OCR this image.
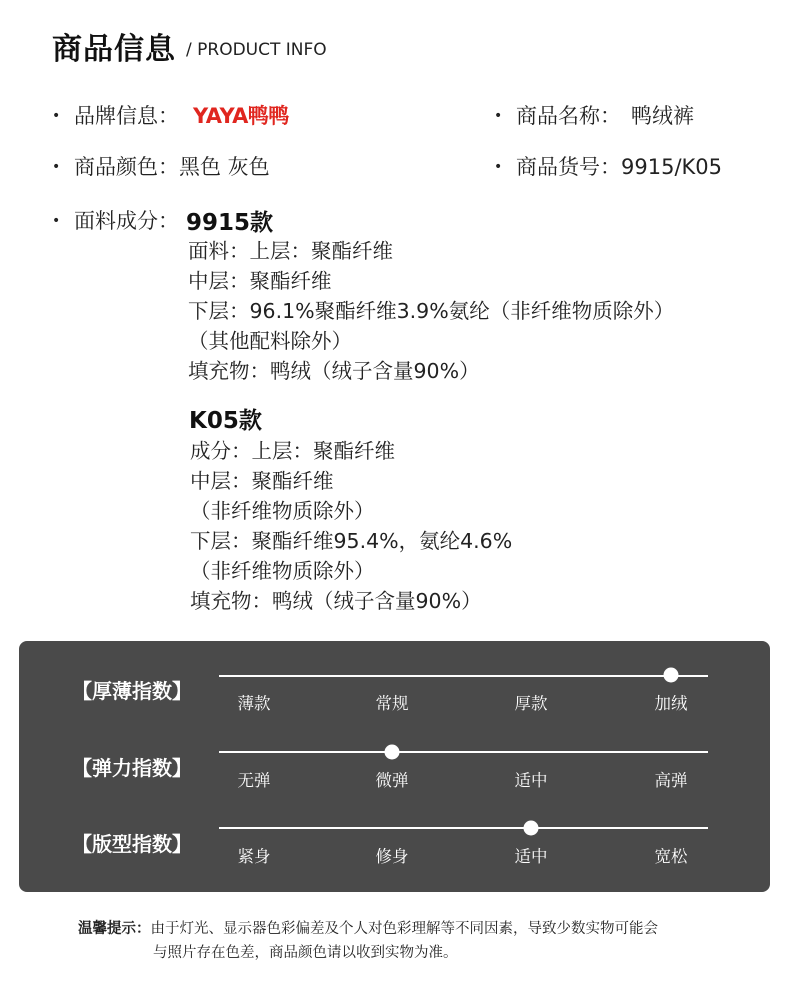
商品信息	/ PRODUCT INFO
• 品牌信息： YAYA鸭鸭 •	商品名称： 鸭绒裤
• 商品颜色：黑色 灰色 •	商品货号：9915/K05
• 面料成分： 9915款
面料：上层：聚酯纤维
中层：聚酯纤维
下层：96.1%聚酯纤维3.9%氨纶（非纤维物质除外）
（其他配料除外）
填充物：鸭绒（绒子含量90%）
K05款
成分：上层：聚酯纤维
中层：聚酯纤维
（非纤维物质除外）
下层：聚酯纤维95.4%，氨纶4.6%
（非纤维物质除外）
填充物：鸭绒（绒子含量90%）
【厚薄指数】
薄款	常规	厚款	加绒
【弹力指数】
无弹	微弹	适中	高弹
【版型指数】
紧身	修身	适中	宽松
温馨提示：由于灯光、显示器色彩偏差及个人对色彩理解等不同因素，导致少数实物可能会
与照片存在色差，商品颜色请以收到实物为准。
